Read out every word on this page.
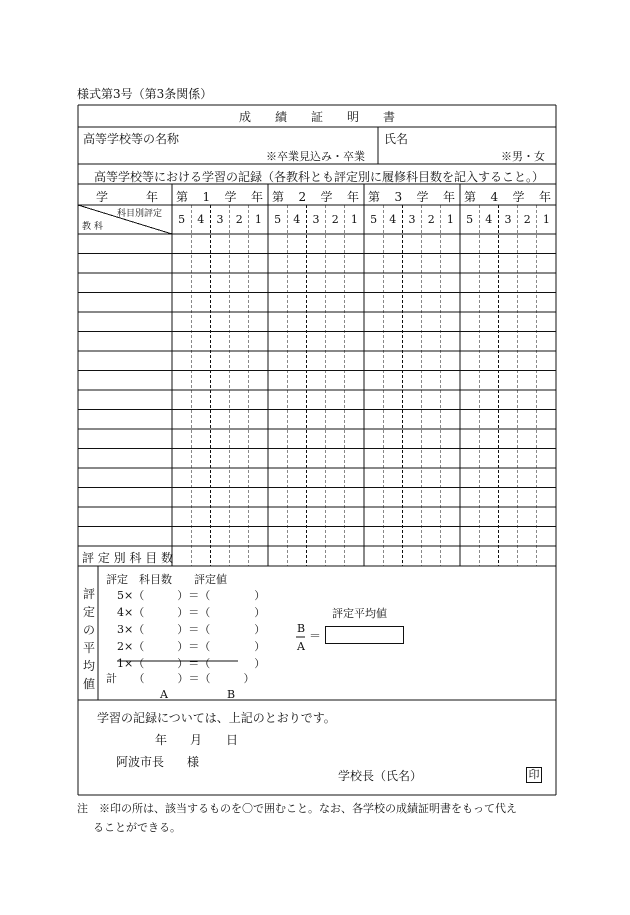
様式第3号（第3条関係）
成　　績　　証　　明　　書
高等学校等の名称
※卒業見込み・卒業
氏名
※男・女
高等学校等における学習の記録（各教科とも評定別に履修科目数を記入すること。）
学	年 第 1 学 年 第 2 学 年 第 3 学 年 第 4 学 年
科目別評定
教 科
5	4	3	2	1	5	4	3	2	1	5	4	3	2	1	5	4	3	2	1
評 定 別 科 目 数
評
定
の
平
均
値
評定　科目数　　評定値
5×（　　　）＝（　　　　）
4×（　　　）＝（　　　　）
3×（　　　）＝（　　　　）
2×（　　　）＝（　　　　）
1×（　　　）＝（　　　　）
計　　（　　　）＝（　　　）
A	B
評定平均値
B
A
＝
学習の記録については、上記のとおりです。
年 月 日
阿波市長 様
学校長（氏名）	印
注　※印の所は、該当するものを〇で囲むこと。なお、各学校の成績証明書をもって代え
ることができる。
